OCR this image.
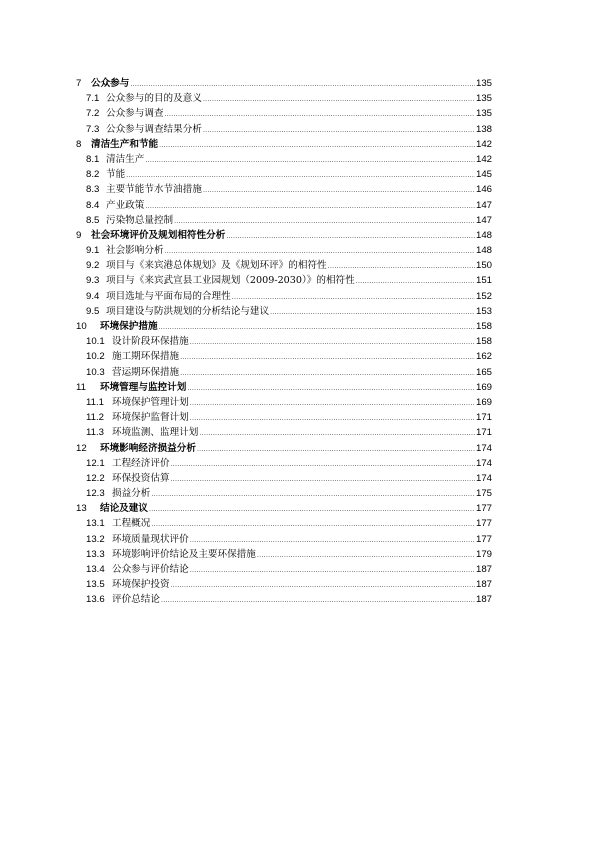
7	公众参与 .....	135
7.1 公众参与的目的及意义 .....	135
7.2 公众参与调查 .....	135
7.3 公众参与调查结果分析 .....	138
8	清洁生产和节能 .....	142
8.1 清洁生产 .....	142
8.2 节能 .....	145
8.3 主要节能节水节油措施 .....	146
8.4 产业政策 .....	147
8.5 污染物总量控制 .....	147
9	社会环境评价及规划相符性分析 .....	148
9.1 社会影响分析 .....	148
9.2 项目与《来宾港总体规划》及《规划环评》的相符性 .....	150
9.3 项目与《来宾武宣县工业园规划（2009-2030）》的相符性 .....	151
9.4 项目选址与平面布局的合理性 .....	152
9.5 项目建设与防洪规划的分析结论与建议 .....	153
10	环境保护措施 .....	158
10.1 设计阶段环保措施 .....	158
10.2 施工期环保措施 .....	162
10.3 营运期环保措施 .....	165
11	环境管理与监控计划 .....	169
11.1 环境保护管理计划 .....	169
11.2 环境保护监督计划 .....	171
11.3 环境监测、监理计划 .....	171
12	环境影响经济损益分析 .....	174
12.1 工程经济评价 .....	174
12.2 环保投资估算 .....	174
12.3 损益分析 .....	175
13	结论及建议 .....	177
13.1 工程概况 .....	177
13.2 环境质量现状评价 .....	177
13.3 环境影响评价结论及主要环保措施 .....	179
13.4 公众参与评价结论 .....	187
13.5 环境保护投资 .....	187
13.6 评价总结论 .....	187
